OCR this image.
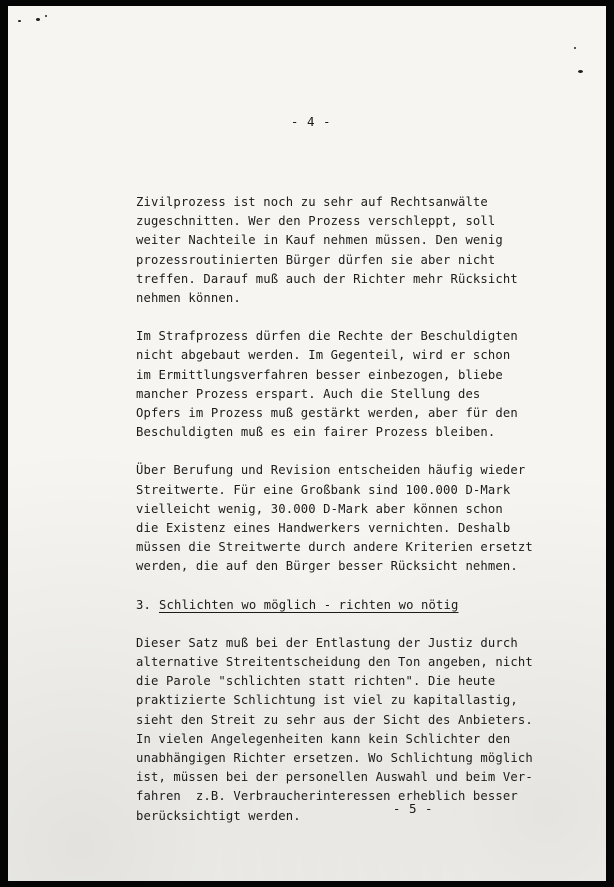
- 4 -

Zivilprozess ist noch zu sehr auf Rechtsanwälte
zugeschnitten. Wer den Prozess verschleppt, soll
weiter Nachteile in Kauf nehmen müssen. Den wenig
prozessroutinierten Bürger dürfen sie aber nicht
treffen. Darauf muß auch der Richter mehr Rücksicht
nehmen können.

Im Strafprozess dürfen die Rechte der Beschuldigten
nicht abgebaut werden. Im Gegenteil, wird er schon
im Ermittlungsverfahren besser einbezogen, bliebe
mancher Prozess erspart. Auch die Stellung des
Opfers im Prozess muß gestärkt werden, aber für den
Beschuldigten muß es ein fairer Prozess bleiben.

Über Berufung und Revision entscheiden häufig wieder
Streitwerte. Für eine Großbank sind 100.000 D-Mark
vielleicht wenig, 30.000 D-Mark aber können schon
die Existenz eines Handwerkers vernichten. Deshalb
müssen die Streitwerte durch andere Kriterien ersetzt
werden, die auf den Bürger besser Rücksicht nehmen.

3. Schlichten wo möglich - richten wo nötig

Dieser Satz muß bei der Entlastung der Justiz durch
alternative Streitentscheidung den Ton angeben, nicht
die Parole "schlichten statt richten". Die heute
praktizierte Schlichtung ist viel zu kapitallastig,
sieht den Streit zu sehr aus der Sicht des Anbieters.
In vielen Angelegenheiten kann kein Schlichter den
unabhängigen Richter ersetzen. Wo Schlichtung möglich
ist, müssen bei der personellen Auswahl und beim Ver-
fahren  z.B. Verbraucherinteressen erheblich besser
berücksichtigt werden.	- 5 -
